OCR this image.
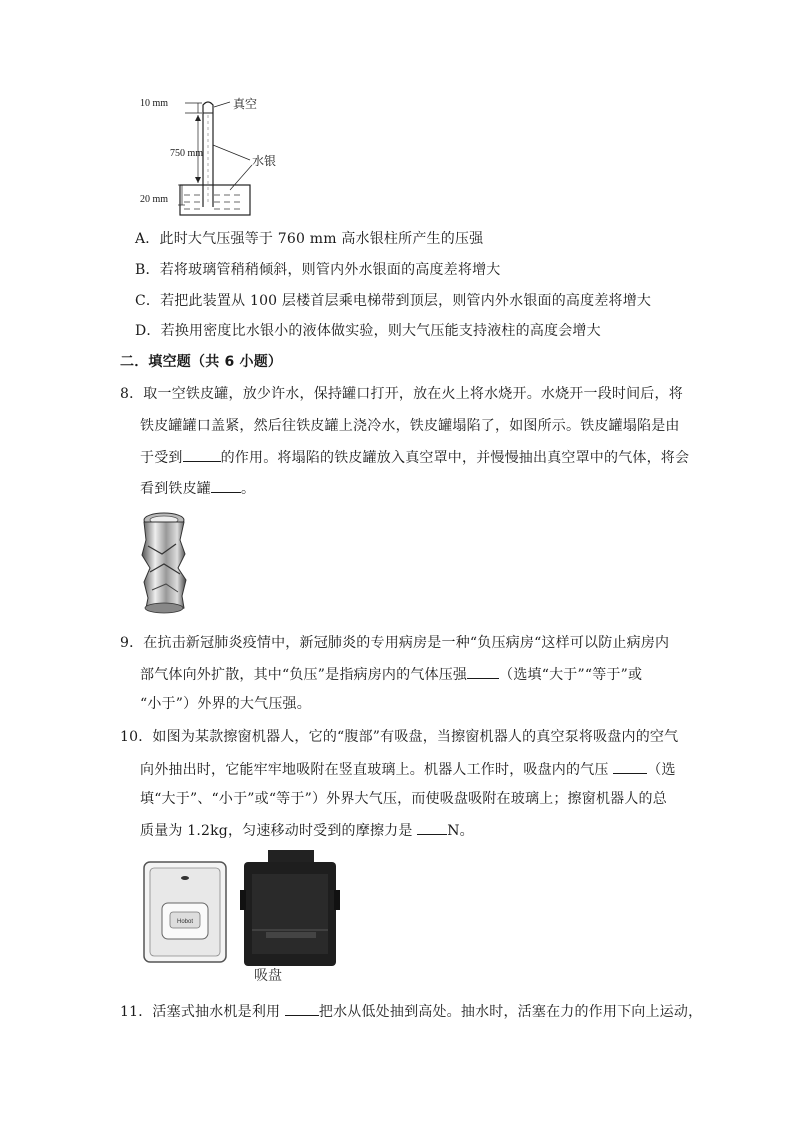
10 mm
750 mm
20 mm
真空
水银
A．此时大气压强等于 760 mm 高水银柱所产生的压强
B．若将玻璃管稍稍倾斜，则管内外水银面的高度差将增大
C．若把此装置从 100 层楼首层乘电梯带到顶层，则管内外水银面的高度差将增大
D．若换用密度比水银小的液体做实验，则大气压能支持液柱的高度会增大
二．填空题（共 6 小题）
8．取一空铁皮罐，放少许水，保持罐口打开，放在火上将水烧开。水烧开一段时间后，将
铁皮罐罐口盖紧，然后往铁皮罐上浇冷水，铁皮罐塌陷了，如图所示。铁皮罐塌陷是由
于受到	的作用。将塌陷的铁皮罐放入真空罩中，并慢慢抽出真空罩中的气体，将会
看到铁皮罐 。
9．在抗击新冠肺炎疫情中，新冠肺炎的专用病房是一种“负压病房“这样可以防止病房内
部气体向外扩散，其中“负压”是指病房内的气体压强 （选填“大于”“等于”或
“小于”）外界的大气压强。
10．如图为某款擦窗机器人，它的“腹部”有吸盘，当擦窗机器人的真空泵将吸盘内的空气
向外抽出时，它能牢牢地吸附在竖直玻璃上。机器人工作时，吸盘内的气压	（选
填“大于”、“小于”或“等于”）外界大气压，而使吸盘吸附在玻璃上；擦窗机器人的总
质量为 1.2kg，匀速移动时受到的摩擦力是 N。
Hobot
吸盘
11．活塞式抽水机是利用	把水从低处抽到高处。抽水时，活塞在力的作用下向上运动，
